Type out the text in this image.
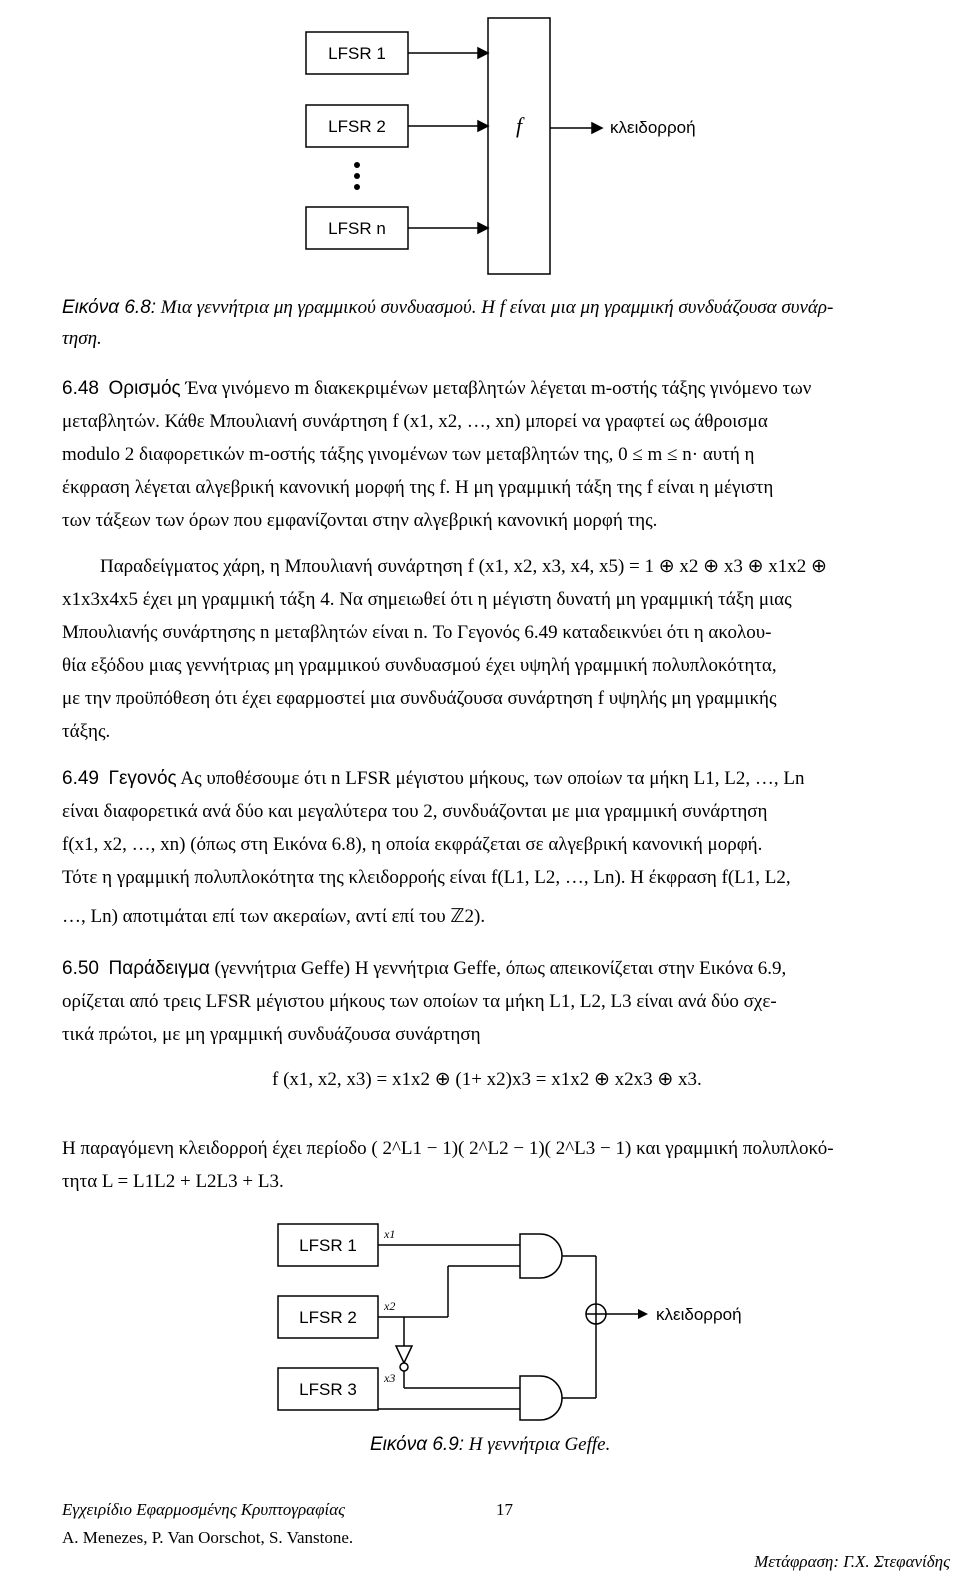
LFSR 1
LFSR 2
LFSR n
κλειδορροή
f
Εικόνα 6.8: Μια γεννήτρια μη γραμμικού συνδυασμού. Η f είναι μια μη γραμμική συνδυάζουσα συνάρ-
τηση.
6.48 Ορισμός Ένα γινόμενο m διακεκριμένων μεταβλητών λέγεται m-οστής τάξης γινόμενο των
μεταβλητών. Κάθε Μπουλιανή συνάρτηση f (x1, x2, …, xn) μπορεί να γραφτεί ως άθροισμα
modulo 2 διαφορετικών m-οστής τάξης γινομένων των μεταβλητών της, 0 ≤ m ≤ n· αυτή η
έκφραση λέγεται αλγεβρική κανονική μορφή της f. Η μη γραμμική τάξη της f είναι η μέγιστη
των τάξεων των όρων που εμφανίζονται στην αλγεβρική κανονική μορφή της.
Παραδείγματος χάρη, η Μπουλιανή συνάρτηση f (x1, x2, x3, x4, x5) = 1 ⊕ x2 ⊕ x3 ⊕ x1x2 ⊕
x1x3x4x5 έχει μη γραμμική τάξη 4. Να σημειωθεί ότι η μέγιστη δυνατή μη γραμμική τάξη μιας
Μπουλιανής συνάρτησης n μεταβλητών είναι n. Το Γεγονός 6.49 καταδεικνύει ότι η ακολου-
θία εξόδου μιας γεννήτριας μη γραμμικού συνδυασμού έχει υψηλή γραμμική πολυπλοκότητα,
με την προϋπόθεση ότι έχει εφαρμοστεί μια συνδυάζουσα συνάρτηση f υψηλής μη γραμμικής
τάξης.
6.49 Γεγονός Ας υποθέσουμε ότι n LFSR μέγιστου μήκους, των οποίων τα μήκη L1, L2, …, Ln
είναι διαφορετικά ανά δύο και μεγαλύτερα του 2, συνδυάζονται με μια γραμμική συνάρτηση
f(x1, x2, …, xn) (όπως στη Εικόνα 6.8), η οποία εκφράζεται σε αλγεβρική κανονική μορφή.
Τότε η γραμμική πολυπλοκότητα της κλειδορροής είναι f(L1, L2, …, Ln). Η έκφραση f(L1, L2,
…, Ln) αποτιμάται επί των ακεραίων, αντί επί του ℤ2).
6.50 Παράδειγμα (γεννήτρια Geffe) Η γεννήτρια Geffe, όπως απεικονίζεται στην Εικόνα 6.9,
ορίζεται από τρεις LFSR μέγιστου μήκους των οποίων τα μήκη L1, L2, L3 είναι ανά δύο σχε-
τικά πρώτοι, με μη γραμμική συνδυάζουσα συνάρτηση
f (x1, x2, x3) = x1x2 ⊕ (1+ x2)x3 = x1x2 ⊕ x2x3 ⊕ x3.
Η παραγόμενη κλειδορροή έχει περίοδο ( 2^L1 − 1)( 2^L2 − 1)( 2^L3 − 1) και γραμμική πολυπλοκό-
τητα L = L1L2 + L2L3 + L3.
LFSR 1
LFSR 2
LFSR 3
κλειδορροή
x1
x2
x3
Εικόνα 6.9: Η γεννήτρια Geffe.
Εγχειρίδιο Εφαρμοσμένης Κρυπτογραφίας
A. Menezes, P. Van Oorschot, S. Vanstone.
17
Μετάφραση: Γ.Χ. Στεφανίδης
